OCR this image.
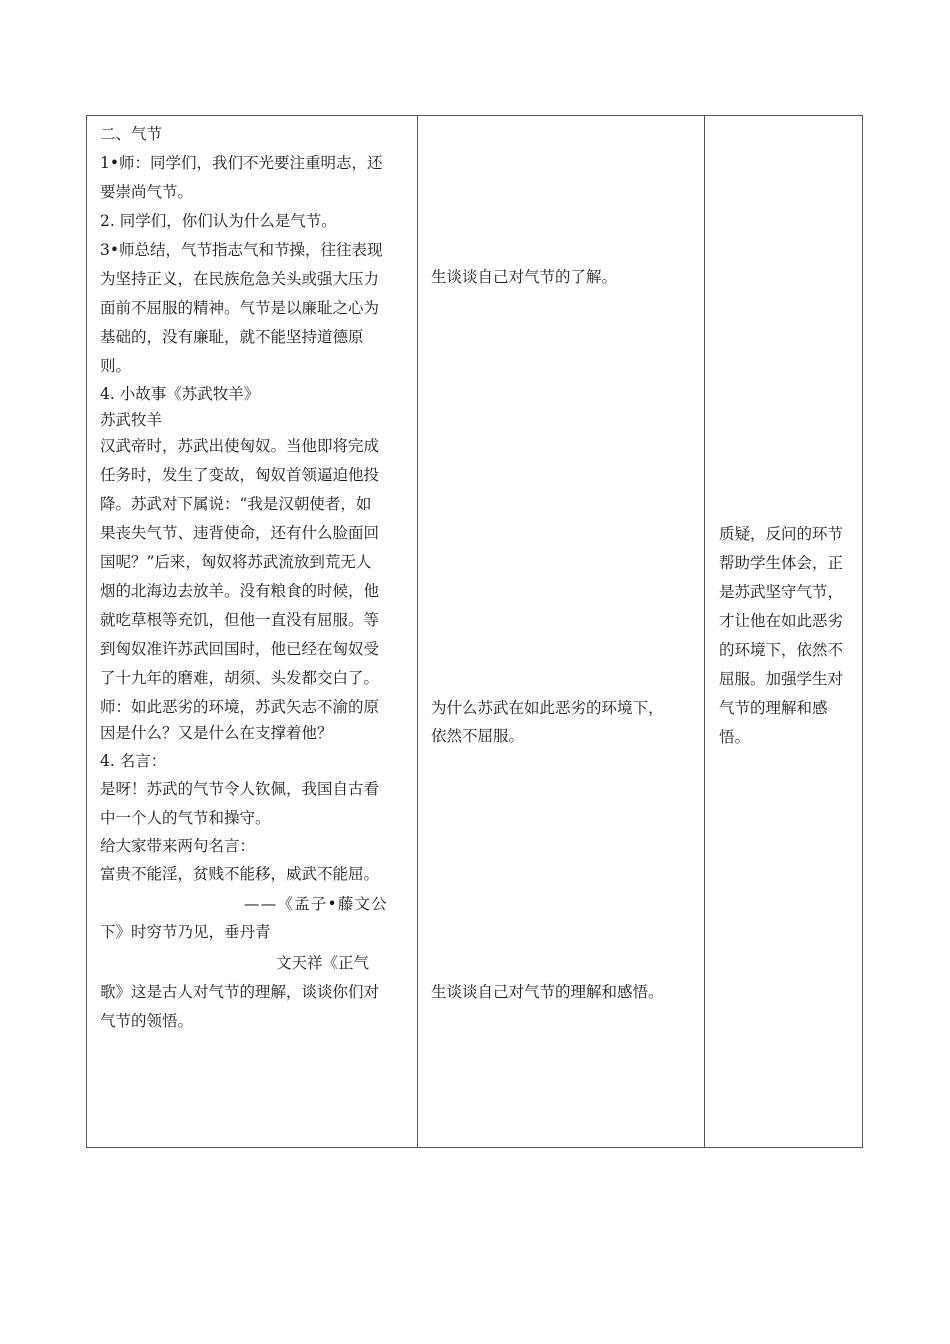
二、气节
1•师：同学们，我们不光要注重明志，还
要崇尚气节。
2. 同学们，你们认为什么是气节。
3•师总结，气节指志气和节操，往往表现
为坚持正义，在民族危急关头或强大压力
面前不屈服的精神。气节是以廉耻之心为
基础的，没有廉耻，就不能坚持道德原
则。
4. 小故事《苏武牧羊》
苏武牧羊
汉武帝时，苏武出使匈奴。当他即将完成
任务时，发生了变故，匈奴首领逼迫他投
降。苏武对下属说：“我是汉朝使者，如
果丧失气节、违背使命，还有什么脸面回
国呢？”后来，匈奴将苏武流放到荒无人
烟的北海边去放羊。没有粮食的时候，他
就吃草根等充饥，但他一直没有屈服。等
到匈奴准许苏武回国时，他已经在匈奴受
了十九年的磨难，胡须、头发都交白了。
师：如此恶劣的环境，苏武矢志不渝的原
因是什么？又是什么在支撑着他？
4. 名言：
是呀！苏武的气节令人钦佩，我国自古看
中一个人的气节和操守。
给大家带来两句名言：
富贵不能淫，贫贱不能移，威武不能屈。
——《孟子•藤文公
下》时穷节乃见，垂丹青
文天祥《正气
歌》这是古人对气节的理解，谈谈你们对
气节的领悟。
生谈谈自己对气节的了解。
为什么苏武在如此恶劣的环境下，
依然不屈服。
生谈谈自己对气节的理解和感悟。
质疑，反问的环节
帮助学生体会，正
是苏武坚守气节，
才让他在如此恶劣
的环境下，依然不
屈服。加强学生对
气节的理解和感
悟。
